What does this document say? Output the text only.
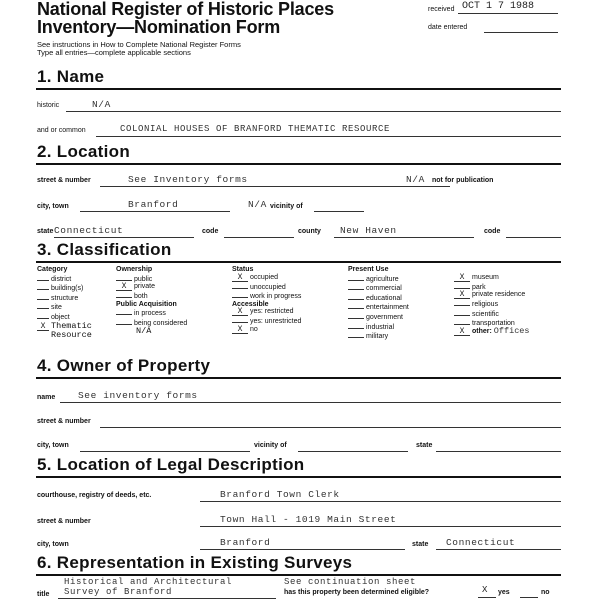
National Register of Historic Places
Inventory—Nomination Form
See instructions in How to Complete National Register Forms
Type all entries—complete applicable sections
received OCT 1 7 1988
date entered
1. Name
historic	N/A
and or common	COLONIAL HOUSES OF BRANFORD THEMATIC RESOURCE
2. Location
street & number	See Inventory forms	N/A not for publication
city, town	Branford	N/A vicinity of
state Connecticut	code	county New Haven	code
3. Classification
Category
district
building(s)
structure
site
object
X Thematic
Resource
Ownership
public
X private
both
Public Acquisition
in process
being considered
N/A
Status
X occupied
unoccupied
work in progress
Accessible
X yes: restricted
yes: unrestricted
X no
Present Use
agriculture
commercial
educational
entertainment
government
industrial
military

X museum
park
X private residence
religious
scientific
transportation
X other: Offices
4. Owner of Property
name See inventory forms
street & number
city, town	vicinity of	state
5. Location of Legal Description
courthouse, registry of deeds, etc.	Branford Town Clerk
street & number	Town Hall - 1019 Main Street
city, town	Branford	state Connecticut
6. Representation in Existing Surveys
Historical and Architectural
title Survey of Branford
See continuation sheet
has this property been determined eligible?	X yes	no
